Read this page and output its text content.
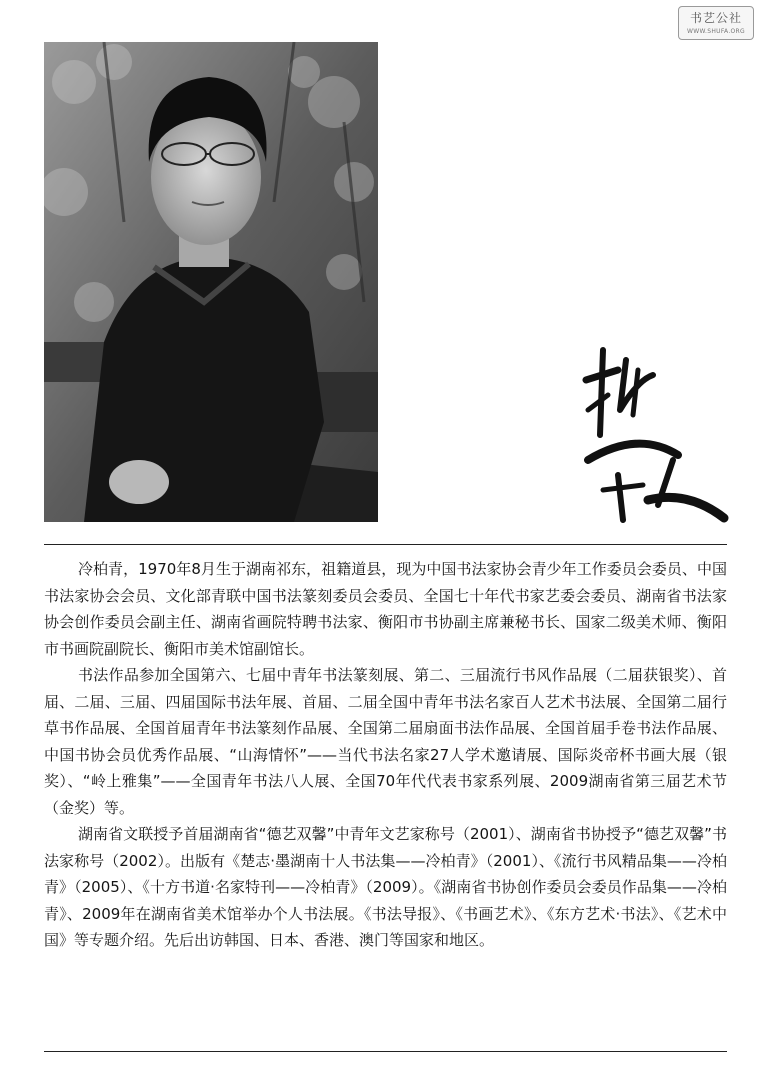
书艺公社
WWW.SHUFA.ORG

冷柏青，1970年8月生于湖南祁东，祖籍道县，现为中国书法家协会青少年工作委员会委员、中国书法家协会会员、文化部青联中国书法篆刻委员会委员、全国七十年代书家艺委会委员、湖南省书法家协会创作委员会副主任、湖南省画院特聘书法家、衡阳市书协副主席兼秘书长、国家二级美术师、衡阳市书画院副院长、衡阳市美术馆副馆长。

书法作品参加全国第六、七届中青年书法篆刻展、第二、三届流行书风作品展（二届获银奖）、首届、二届、三届、四届国际书法年展、首届、二届全国中青年书法名家百人艺术书法展、全国第二届行草书作品展、全国首届青年书法篆刻作品展、全国第二届扇面书法作品展、全国首届手卷书法作品展、中国书协会员优秀作品展、“山海情怀”——当代书法名家27人学术邀请展、国际炎帝杯书画大展（银奖）、“岭上雅集”——全国青年书法八人展、全国70年代代表书家系列展、2009湖南省第三届艺术节（金奖）等。

湖南省文联授予首届湖南省“德艺双馨”中青年文艺家称号（2001）、湖南省书协授予“德艺双馨”书法家称号（2002）。出版有《楚志·墨湖南十人书法集——冷柏青》（2001）、《流行书风精品集——冷柏青》（2005）、《十方书道·名家特刊——冷柏青》（2009）。《湖南省书协创作委员会委员作品集——冷柏青》、2009年在湖南省美术馆举办个人书法展。《书法导报》、《书画艺术》、《东方艺术·书法》、《艺术中国》等专题介绍。先后出访韩国、日本、香港、澳门等国家和地区。
